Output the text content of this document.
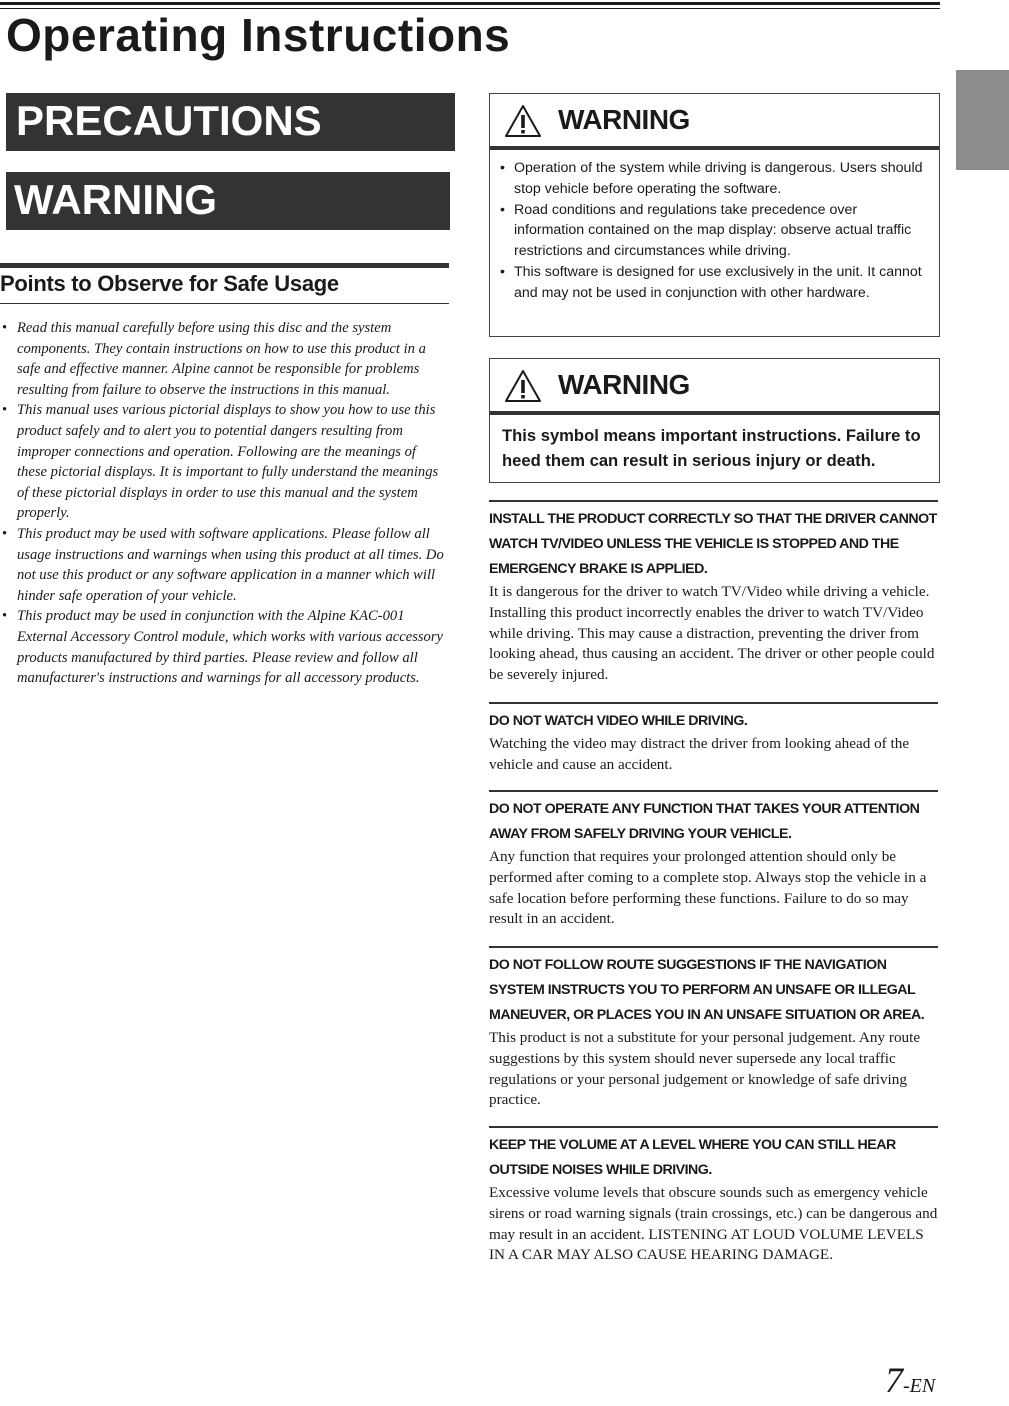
Operating Instructions
PRECAUTIONS
WARNING
Points to Observe for Safe Usage
• Read this manual carefully before using this disc and the system components. They contain instructions on how to use this product in a safe and effective manner. Alpine cannot be responsible for problems resulting from failure to observe the instructions in this manual.
• This manual uses various pictorial displays to show you how to use this product safely and to alert you to potential dangers resulting from improper connections and operation. Following are the meanings of these pictorial displays. It is important to fully understand the meanings of these pictorial displays in order to use this manual and the system properly.
• This product may be used with software applications. Please follow all usage instructions and warnings when using this product at all times. Do not use this product or any software application in a manner which will hinder safe operation of your vehicle.
• This product may be used in conjunction with the Alpine KAC-001 External Accessory Control module, which works with various accessory products manufactured by third parties. Please review and follow all manufacturer's instructions and warnings for all accessory products.
WARNING
• Operation of the system while driving is dangerous. Users should stop vehicle before operating the software.
• Road conditions and regulations take precedence over information contained on the map display: observe actual traffic restrictions and circumstances while driving.
• This software is designed for use exclusively in the unit. It cannot and may not be used in conjunction with other hardware.
WARNING

This symbol means important instructions. Failure to heed them can result in serious injury or death.

INSTALL THE PRODUCT CORRECTLY SO THAT THE DRIVER CANNOT WATCH TV/VIDEO UNLESS THE VEHICLE IS STOPPED AND THE EMERGENCY BRAKE IS APPLIED.

It is dangerous for the driver to watch TV/Video while driving a vehicle. Installing this product incorrectly enables the driver to watch TV/Video while driving. This may cause a distraction, preventing the driver from looking ahead, thus causing an accident. The driver or other people could be severely injured.

DO NOT WATCH VIDEO WHILE DRIVING.

Watching the video may distract the driver from looking ahead of the vehicle and cause an accident.

DO NOT OPERATE ANY FUNCTION THAT TAKES YOUR ATTENTION AWAY FROM SAFELY DRIVING YOUR VEHICLE.

Any function that requires your prolonged attention should only be performed after coming to a complete stop. Always stop the vehicle in a safe location before performing these functions. Failure to do so may result in an accident.

DO NOT FOLLOW ROUTE SUGGESTIONS IF THE NAVIGATION SYSTEM INSTRUCTS YOU TO PERFORM AN UNSAFE OR ILLEGAL MANEUVER, OR PLACES YOU IN AN UNSAFE SITUATION OR AREA.

This product is not a substitute for your personal judgement. Any route suggestions by this system should never supersede any local traffic regulations or your personal judgement or knowledge of safe driving practice.

KEEP THE VOLUME AT A LEVEL WHERE YOU CAN STILL HEAR OUTSIDE NOISES WHILE DRIVING.

Excessive volume levels that obscure sounds such as emergency vehicle sirens or road warning signals (train crossings, etc.) can be dangerous and may result in an accident. LISTENING AT LOUD VOLUME LEVELS IN A CAR MAY ALSO CAUSE HEARING DAMAGE.

7-EN
